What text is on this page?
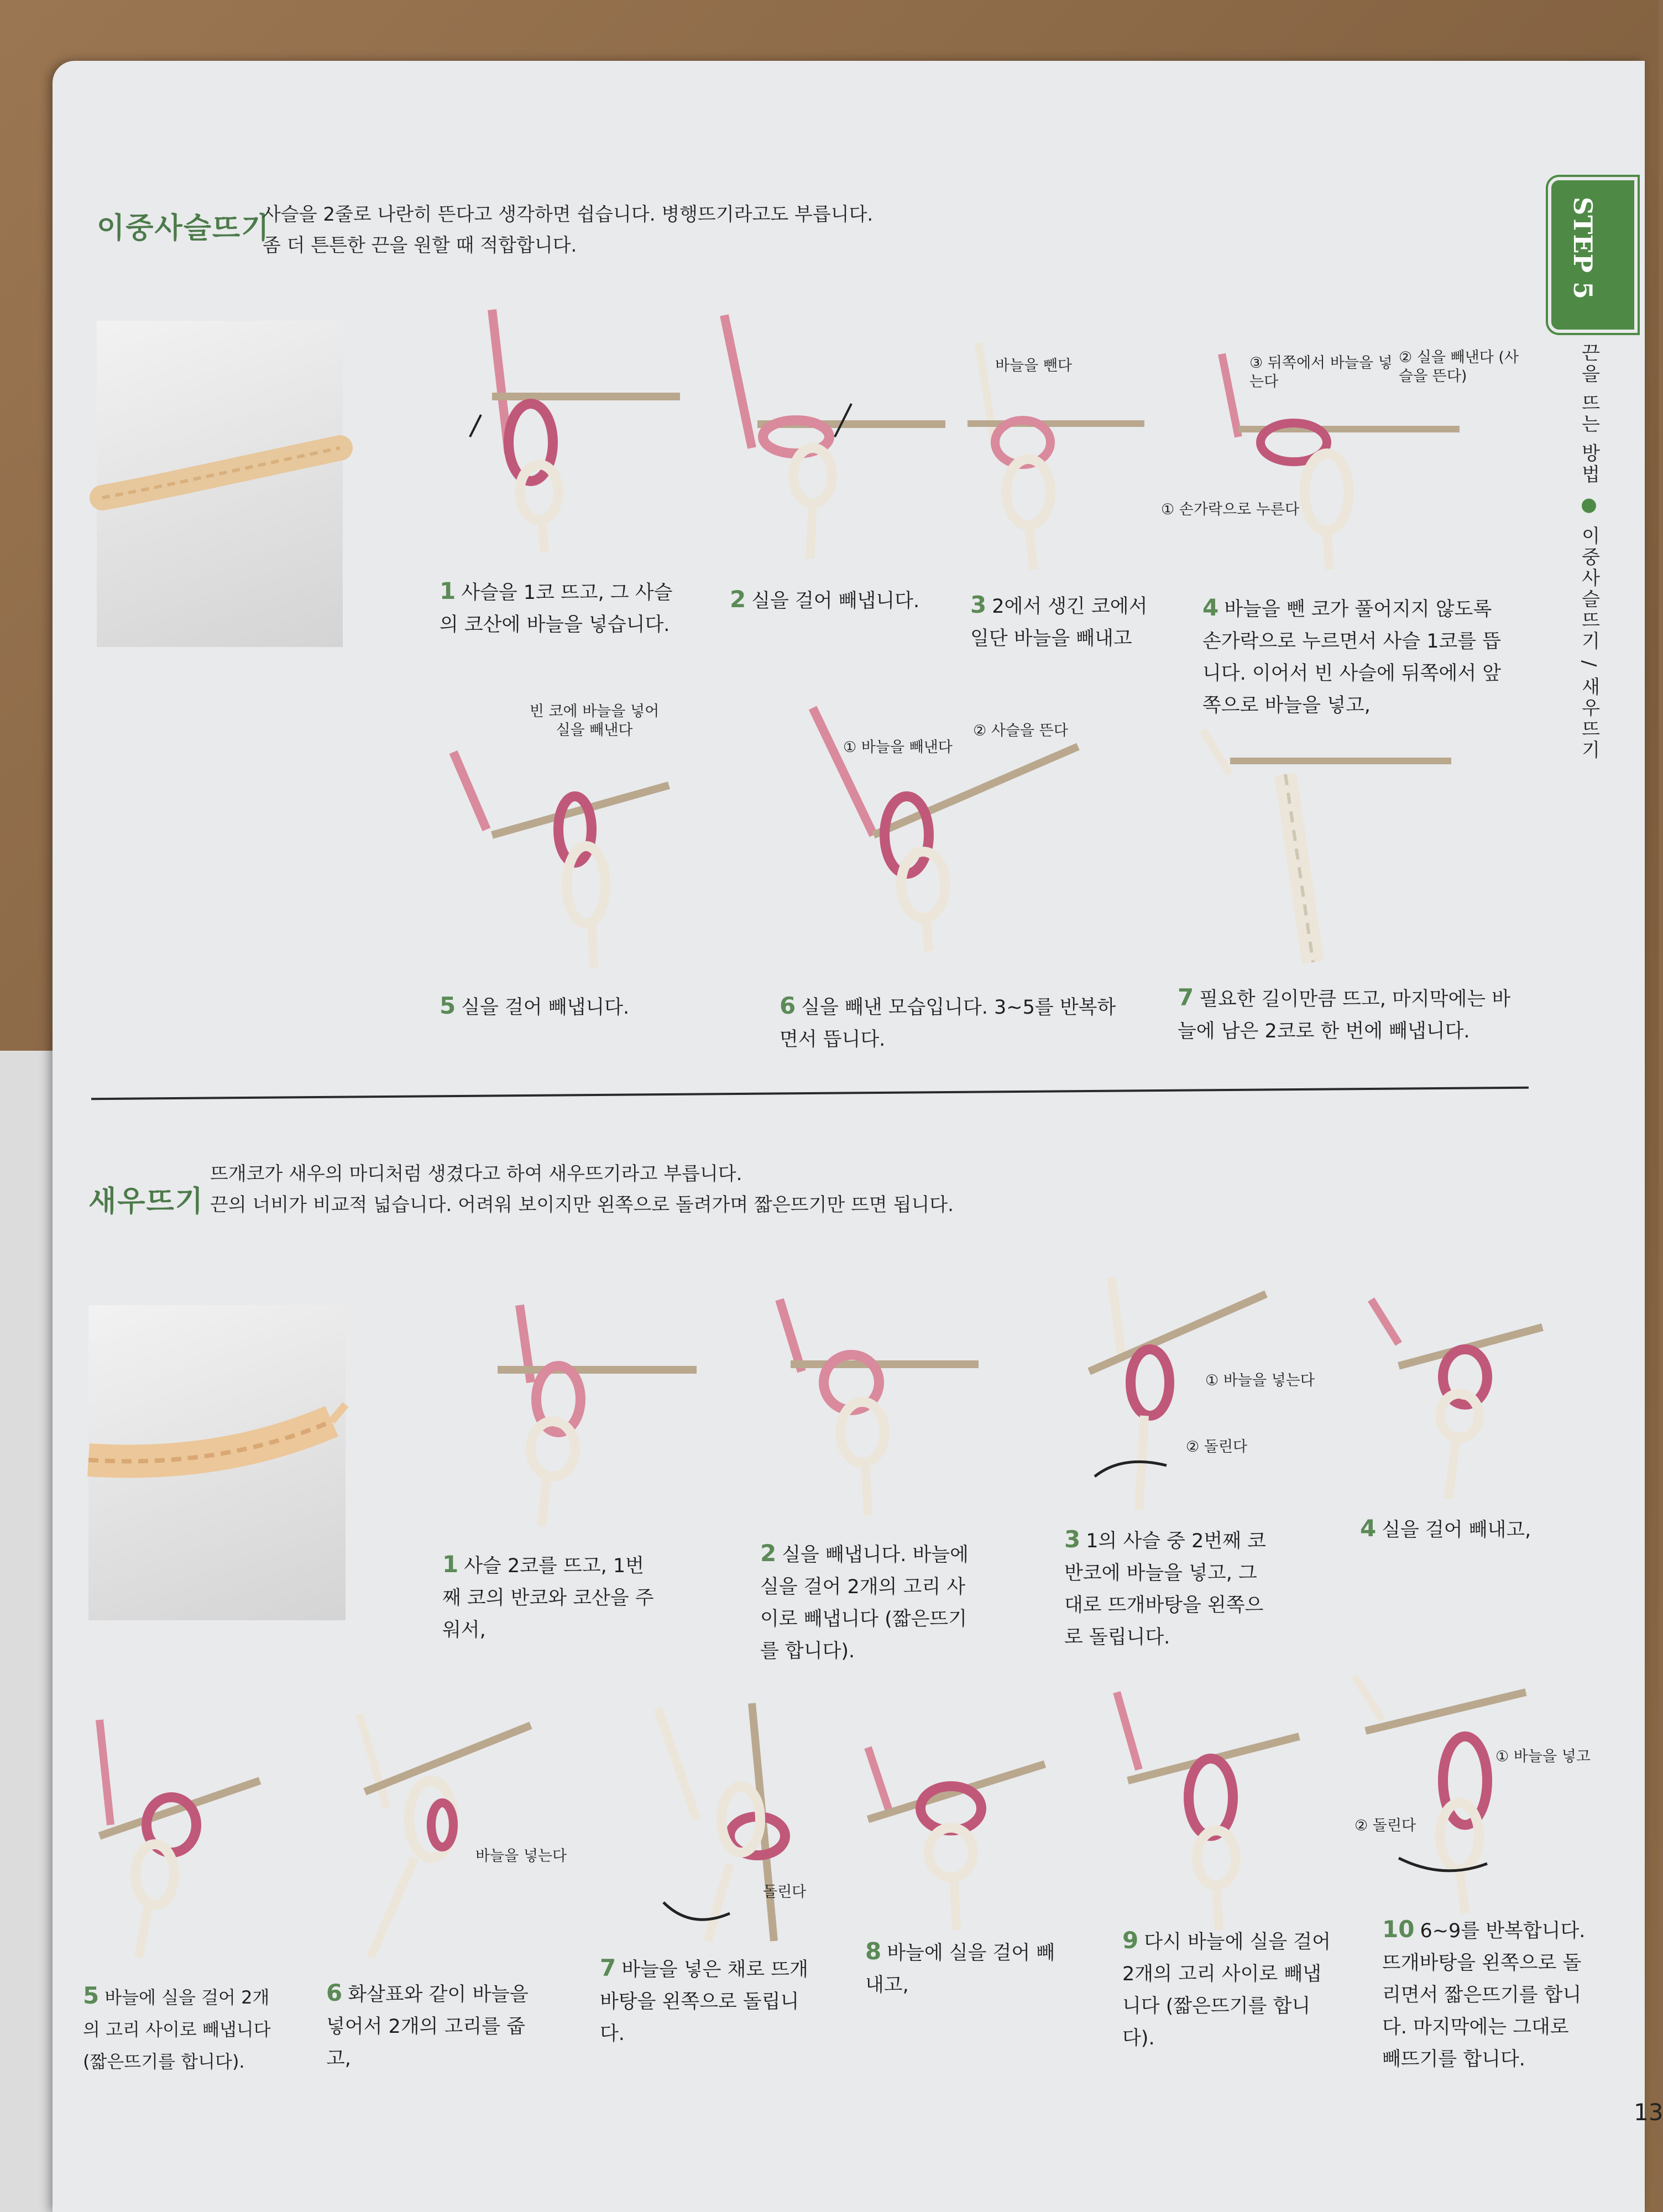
이중사슬뜨기
사슬을 2줄로 나란히 뜬다고 생각하면 쉽습니다. 병행뜨기라고도 부릅니다.
좀 더 튼튼한 끈을 원할 때 적합합니다.
바늘을 뺀다	③ 뒤쪽에서 바늘을 넣는다
② 실을 빼낸다 (사슬을 뜬다)
① 손가락으로 누른다
1 사슬을 1코 뜨고, 그 사슬의 코산에 바늘을 넣습니다.
2 실을 걸어 빼냅니다.	3 2에서 생긴 코에서 일단 바늘을 빼내고
4 바늘을 뺀 코가 풀어지지 않도록 손가락으로 누르면서 사슬 1코를 뜹니다. 이어서 빈 사슬에 뒤쪽에서 앞쪽으로 바늘을 넣고,
빈 코에 바늘을 넣어 실을 빼낸다
① 바늘을 빼낸다
② 사슬을 뜬다
5 실을 걸어 빼냅니다.	6 실을 빼낸 모습입니다. 3~5를 반복하면서 뜹니다.
7 필요한 길이만큼 뜨고, 마지막에는 바늘에 남은 2코로 한 번에 빼냅니다.
새우뜨기
뜨개코가 새우의 마디처럼 생겼다고 하여 새우뜨기라고 부릅니다.
끈의 너비가 비교적 넓습니다. 어려워 보이지만 왼쪽으로 돌려가며 짧은뜨기만 뜨면 됩니다.
① 바늘을 넣는다
② 돌린다
1 사슬 2코를 뜨고, 1번째 코의 반코와 코산을 주워서,
2 실을 빼냅니다. 바늘에 실을 걸어 2개의 고리 사이로 빼냅니다 (짧은뜨기를 합니다).
3 1의 사슬 중 2번째 코 반코에 바늘을 넣고, 그대로 뜨개바탕을 왼쪽으로 돌립니다.
4 실을 걸어 빼내고,
바늘을 넣는다
돌린다
① 바늘을 넣고
② 돌린다
5 바늘에 실을 걸어 2개의 고리 사이로 빼냅니다 (짧은뜨기를 합니다).
6 화살표와 같이 바늘을 넣어서 2개의 고리를 줍고,
7 바늘을 넣은 채로 뜨개바탕을 왼쪽으로 돌립니다.
8 바늘에 실을 걸어 빼내고,
9 다시 바늘에 실을 걸어 2개의 고리 사이로 빼냅니다 (짧은뜨기를 합니다).
10 6~9를 반복합니다. 뜨개바탕을 왼쪽으로 돌리면서 짧은뜨기를 합니다. 마지막에는 그대로 빼뜨기를 합니다.
STEP 5
끈을 뜨는 방법 ● 이중사슬뜨기 / 새우뜨기
13
